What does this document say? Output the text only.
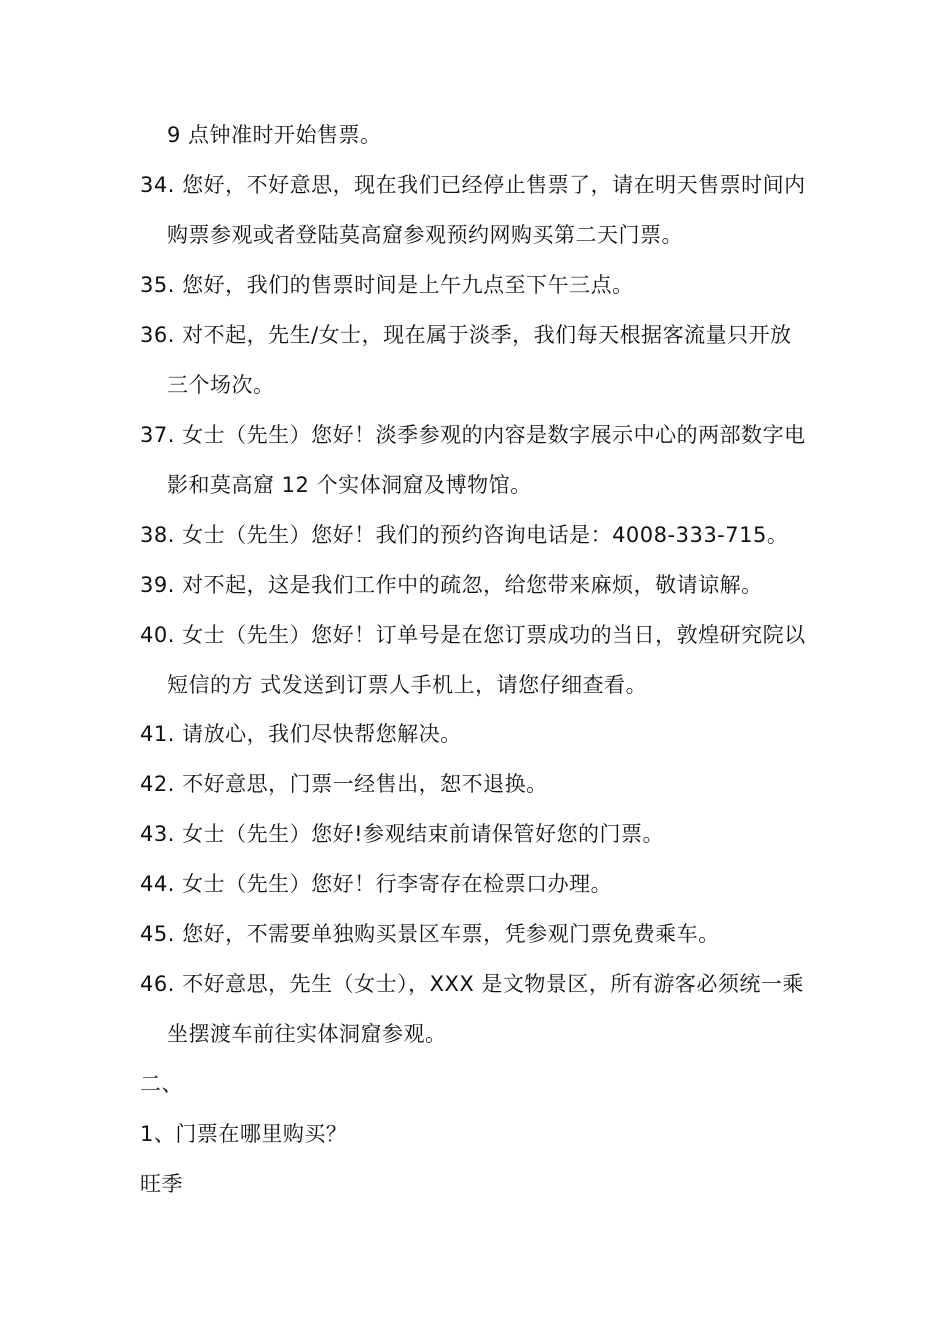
9 点钟准时开始售票。
34. 您好，不好意思，现在我们已经停止售票了，请在明天售票时间内
购票参观或者登陆莫高窟参观预约网购买第二天门票。
35. 您好，我们的售票时间是上午九点至下午三点。
36. 对不起，先生/女士，现在属于淡季，我们每天根据客流量只开放
三个场次。
37. 女士（先生）您好！淡季参观的内容是数字展示中心的两部数字电
影和莫高窟 12 个实体洞窟及博物馆。
38. 女士（先生）您好！我们的预约咨询电话是：4008-333-715。
39. 对不起，这是我们工作中的疏忽，给您带来麻烦，敬请谅解。
40. 女士（先生）您好！订单号是在您订票成功的当日，敦煌研究院以
短信的方 式发送到订票人手机上，请您仔细查看。
41. 请放心，我们尽快帮您解决。
42. 不好意思，门票一经售出，恕不退换。
43. 女士（先生）您好!参观结束前请保管好您的门票。
44. 女士（先生）您好！行李寄存在检票口办理。
45. 您好，不需要单独购买景区车票，凭参观门票免费乘车。
46. 不好意思，先生（女士），XXX 是文物景区，所有游客必须统一乘
坐摆渡车前往实体洞窟参观。
二、
1、门票在哪里购买？
旺季
